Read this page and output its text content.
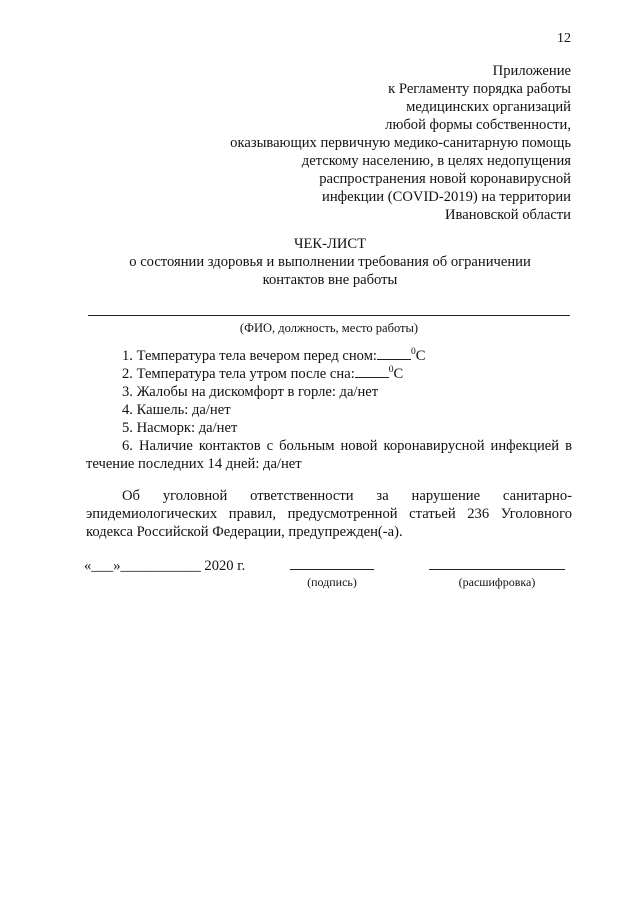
12
Приложение
к Регламенту порядка работы
медицинских организаций
любой формы собственности,
оказывающих первичную медико-санитарную помощь
детскому населению, в целях недопущения
распространения новой коронавирусной
инфекции (COVID-2019) на территории
Ивановской области
ЧЕК-ЛИСТ
о состоянии здоровья и выполнении требования об ограничении
контактов вне работы
(ФИО, должность, место работы)
1. Температура тела вечером перед сном:	$^0$C
2. Температура тела утром после сна:	$^0$C
3. Жалобы на дискомфорт в горле: да/нет
4. Кашель: да/нет
5. Насморк: да/нет
6. Наличие контактов с больным новой коронавирусной инфекцией в течение последних 14 дней: да/нет
Об уголовной ответственности за нарушение санитарно-эпидемиологических правил, предусмотренной статьей 236 Уголовного кодекса Российской Федерации, предупрежден(-а).
«___»___________ 2020 г.
(подпись)	(расшифровка)
